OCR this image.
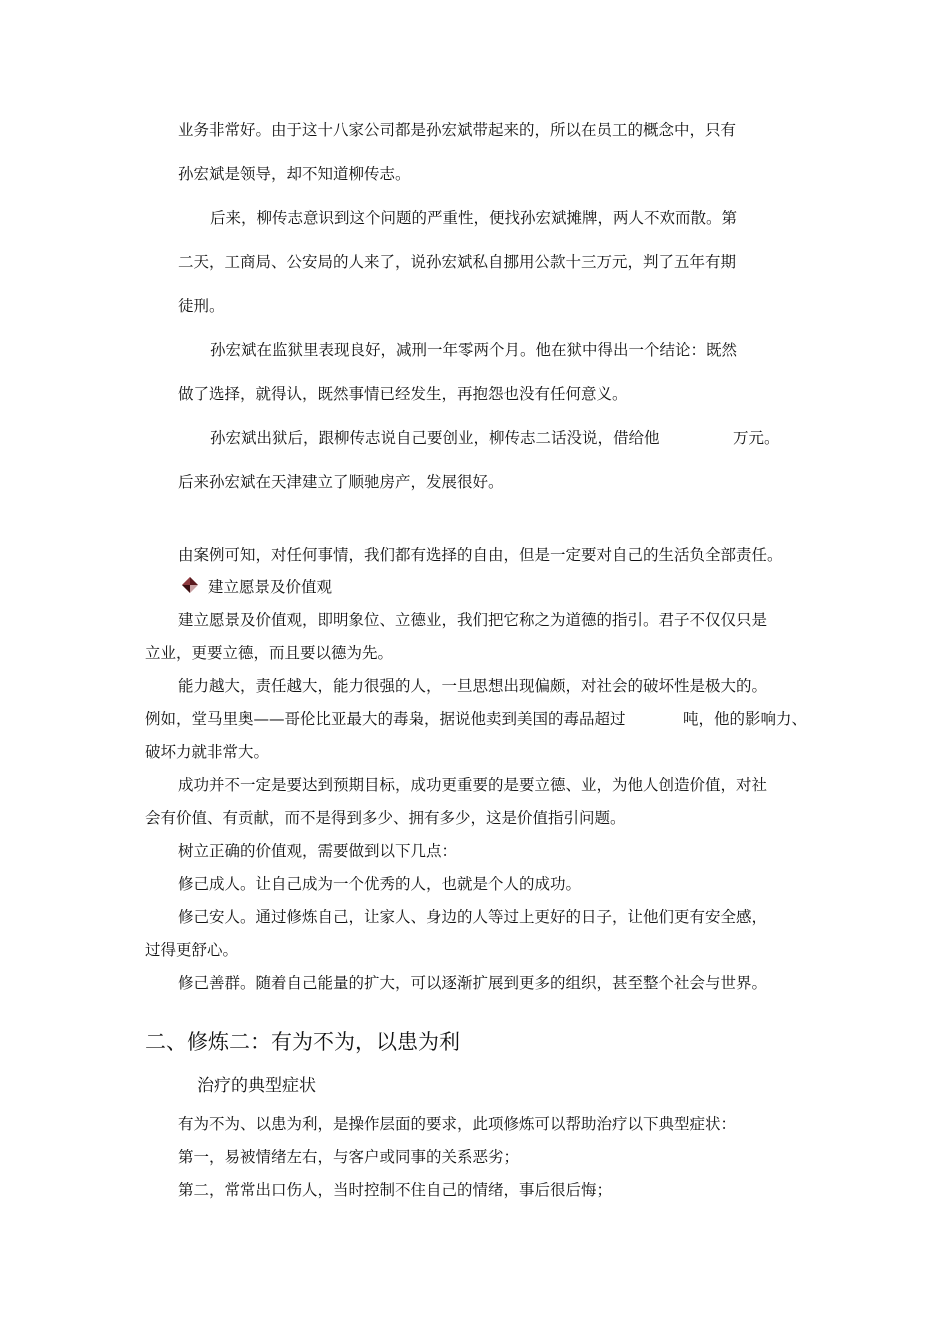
业务非常好。由于这十八家公司都是孙宏斌带起来的，所以在员工的概念中，只有
孙宏斌是领导，却不知道柳传志。
后来，柳传志意识到这个问题的严重性，便找孙宏斌摊牌，两人不欢而散。第
二天，工商局、公安局的人来了，说孙宏斌私自挪用公款十三万元，判了五年有期
徒刑。
孙宏斌在监狱里表现良好，减刑一年零两个月。他在狱中得出一个结论：既然
做了选择，就得认，既然事情已经发生，再抱怨也没有任何意义。
孙宏斌出狱后，跟柳传志说自己要创业，柳传志二话没说，借给他	万元。
后来孙宏斌在天津建立了顺驰房产，发展很好。
由案例可知，对任何事情，我们都有选择的自由，但是一定要对自己的生活负全部责任。
建立愿景及价值观
建立愿景及价值观，即明象位、立德业，我们把它称之为道德的指引。君子不仅仅只是
立业，更要立德，而且要以德为先。
能力越大，责任越大，能力很强的人，一旦思想出现偏颇，对社会的破坏性是极大的。
例如，堂马里奥——哥伦比亚最大的毒枭，据说他卖到美国的毒品超过	吨，他的影响力、
破坏力就非常大。
成功并不一定是要达到预期目标，成功更重要的是要立德、业，为他人创造价值，对社
会有价值、有贡献，而不是得到多少、拥有多少，这是价值指引问题。
树立正确的价值观，需要做到以下几点：
修己成人。让自己成为一个优秀的人，也就是个人的成功。
修己安人。通过修炼自己，让家人、身边的人等过上更好的日子，让他们更有安全感，
过得更舒心。
修己善群。随着自己能量的扩大，可以逐渐扩展到更多的组织，甚至整个社会与世界。
二、修炼二：有为不为，以患为利
治疗的典型症状
有为不为、以患为利，是操作层面的要求，此项修炼可以帮助治疗以下典型症状：
第一，易被情绪左右，与客户或同事的关系恶劣；
第二，常常出口伤人，当时控制不住自己的情绪，事后很后悔；
